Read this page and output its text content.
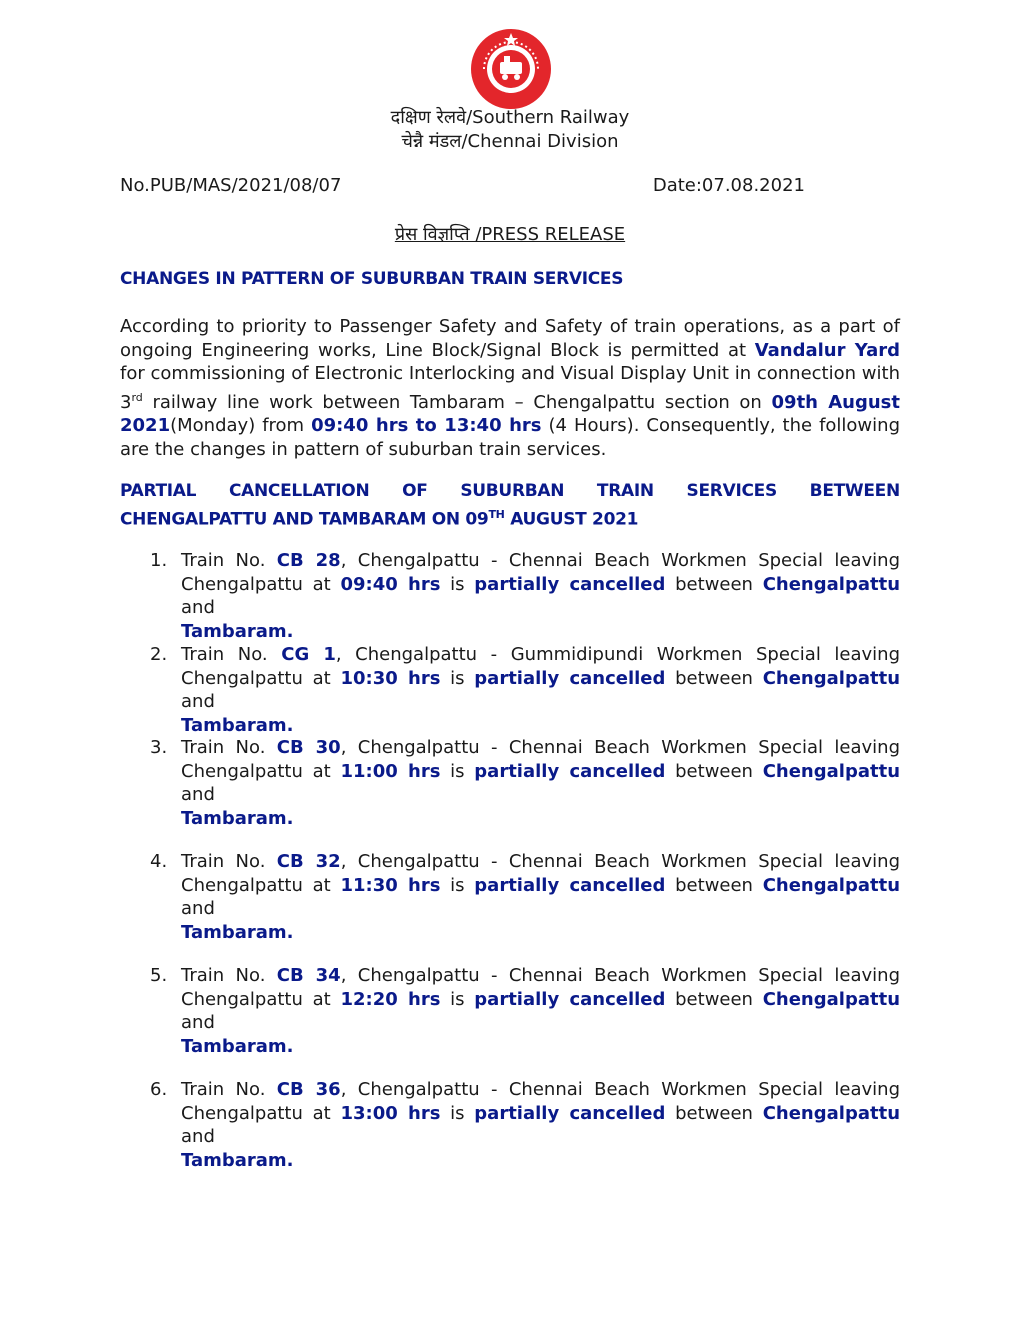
दक्षिण रेलवे/Southern Railway
चेन्नै मंडल/Chennai Division
No.PUB/MAS/2021/08/07	Date:07.08.2021
प्रेस विज्ञप्ति /PRESS RELEASE
CHANGES IN PATTERN OF SUBURBAN TRAIN SERVICES
According to priority to Passenger Safety and Safety of train operations, as a part of ongoing Engineering works, Line Block/Signal Block is permitted at Vandalur Yard for commissioning of Electronic Interlocking and Visual Display Unit in connection with 3rd railway line work between Tambaram – Chengalpattu section on 09th August 2021(Monday) from 09:40 hrs to 13:40 hrs (4 Hours). Consequently, the following are the changes in pattern of suburban train services.
PARTIAL CANCELLATION OF SUBURBAN TRAIN SERVICES BETWEEN
CHENGALPATTU AND TAMBARAM ON 09TH AUGUST 2021
1. Train No. CB 28, Chengalpattu - Chennai Beach Workmen Special leaving Chengalpattu at 09:40 hrs is partially cancelled between Chengalpattu and
Tambaram.
2. Train No. CG 1, Chengalpattu - Gummidipundi Workmen Special leaving Chengalpattu at 10:30 hrs is partially cancelled between Chengalpattu and
Tambaram.
3. Train No. CB 30, Chengalpattu - Chennai Beach Workmen Special leaving Chengalpattu at 11:00 hrs is partially cancelled between Chengalpattu and
Tambaram.
4. Train No. CB 32, Chengalpattu - Chennai Beach Workmen Special leaving Chengalpattu at 11:30 hrs is partially cancelled between Chengalpattu and
Tambaram.
5. Train No. CB 34, Chengalpattu - Chennai Beach Workmen Special leaving Chengalpattu at 12:20 hrs is partially cancelled between Chengalpattu and
Tambaram.
6. Train No. CB 36, Chengalpattu - Chennai Beach Workmen Special leaving Chengalpattu at 13:00 hrs is partially cancelled between Chengalpattu and
Tambaram.
